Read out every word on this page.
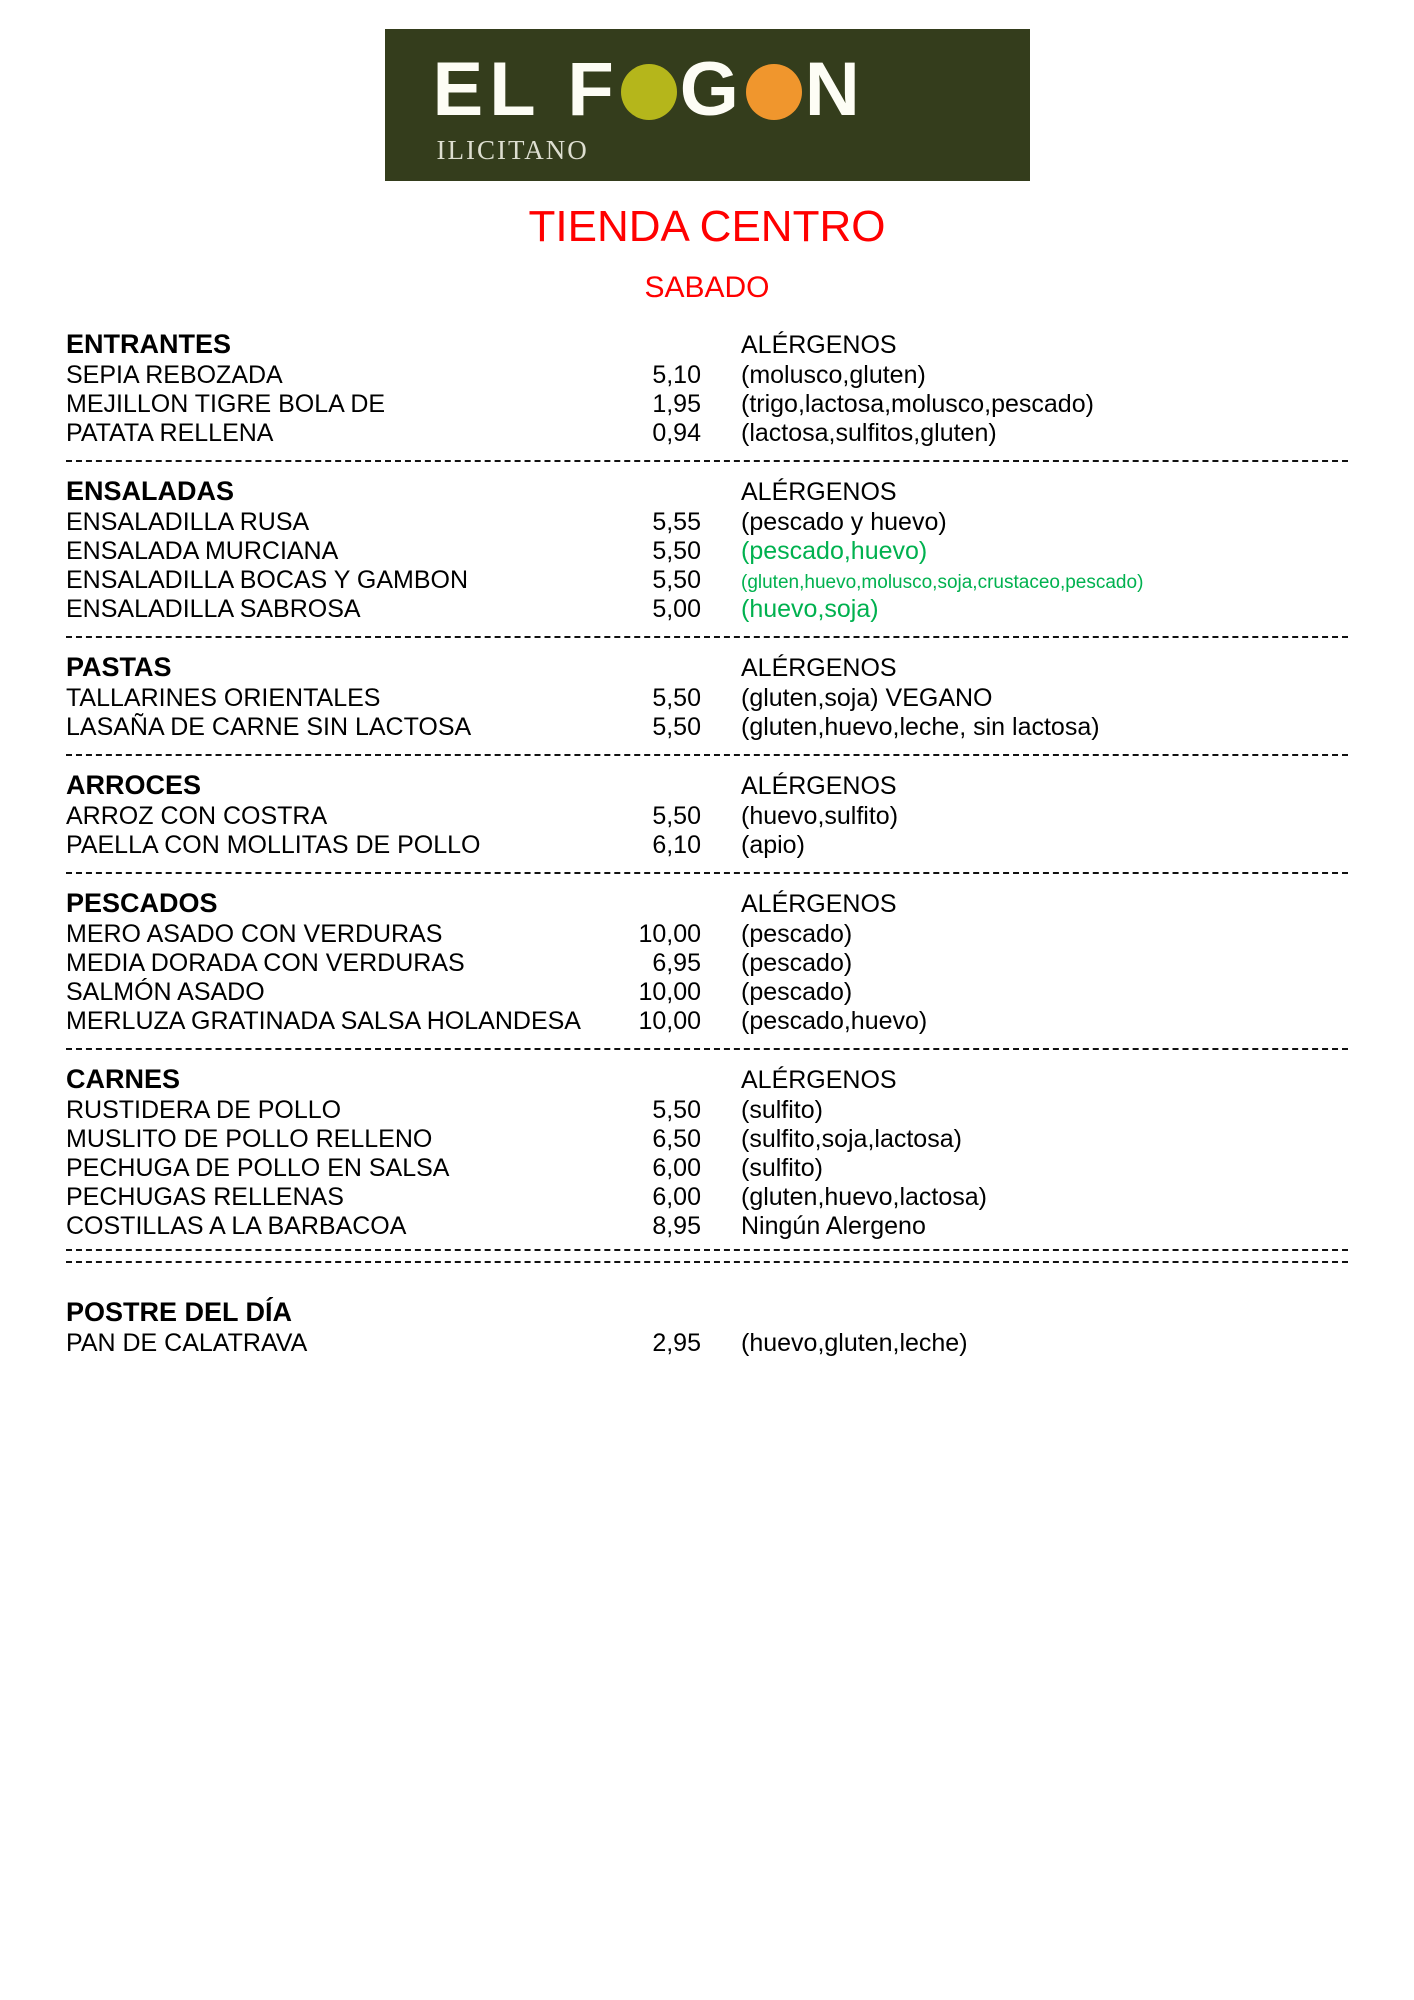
EL F G N
ILICITANO
TIENDA CENTRO
SABADO
ENTRANTES	ALÉRGENOS
SEPIA REBOZADA	5,10	(molusco,gluten)
MEJILLON TIGRE BOLA DE	1,95	(trigo,lactosa,molusco,pescado)
PATATA RELLENA	0,94	(lactosa,sulfitos,gluten)
ENSALADAS	ALÉRGENOS
ENSALADILLA RUSA	5,55	(pescado y huevo)
ENSALADA MURCIANA	5,50	(pescado,huevo)
ENSALADILLA BOCAS Y GAMBON	5,50	(gluten,huevo,molusco,soja,crustaceo,pescado)
ENSALADILLA SABROSA	5,00	(huevo,soja)
PASTAS	ALÉRGENOS
TALLARINES ORIENTALES	5,50	(gluten,soja) VEGANO
LASAÑA DE CARNE SIN LACTOSA	5,50	(gluten,huevo,leche, sin lactosa)
ARROCES	ALÉRGENOS
ARROZ CON COSTRA	5,50	(huevo,sulfito)
PAELLA CON MOLLITAS DE POLLO	6,10	(apio)
PESCADOS	ALÉRGENOS
MERO ASADO CON VERDURAS	10,00	(pescado)
MEDIA DORADA CON VERDURAS	6,95	(pescado)
SALMÓN ASADO	10,00	(pescado)
MERLUZA GRATINADA SALSA HOLANDESA	10,00	(pescado,huevo)
CARNES	ALÉRGENOS
RUSTIDERA DE POLLO	5,50	(sulfito)
MUSLITO DE POLLO RELLENO	6,50	(sulfito,soja,lactosa)
PECHUGA DE POLLO EN SALSA	6,00	(sulfito)
PECHUGAS RELLENAS	6,00	(gluten,huevo,lactosa)
COSTILLAS A LA BARBACOA	8,95	Ningún Alergeno
POSTRE DEL DÍA
PAN DE CALATRAVA	2,95	(huevo,gluten,leche)
